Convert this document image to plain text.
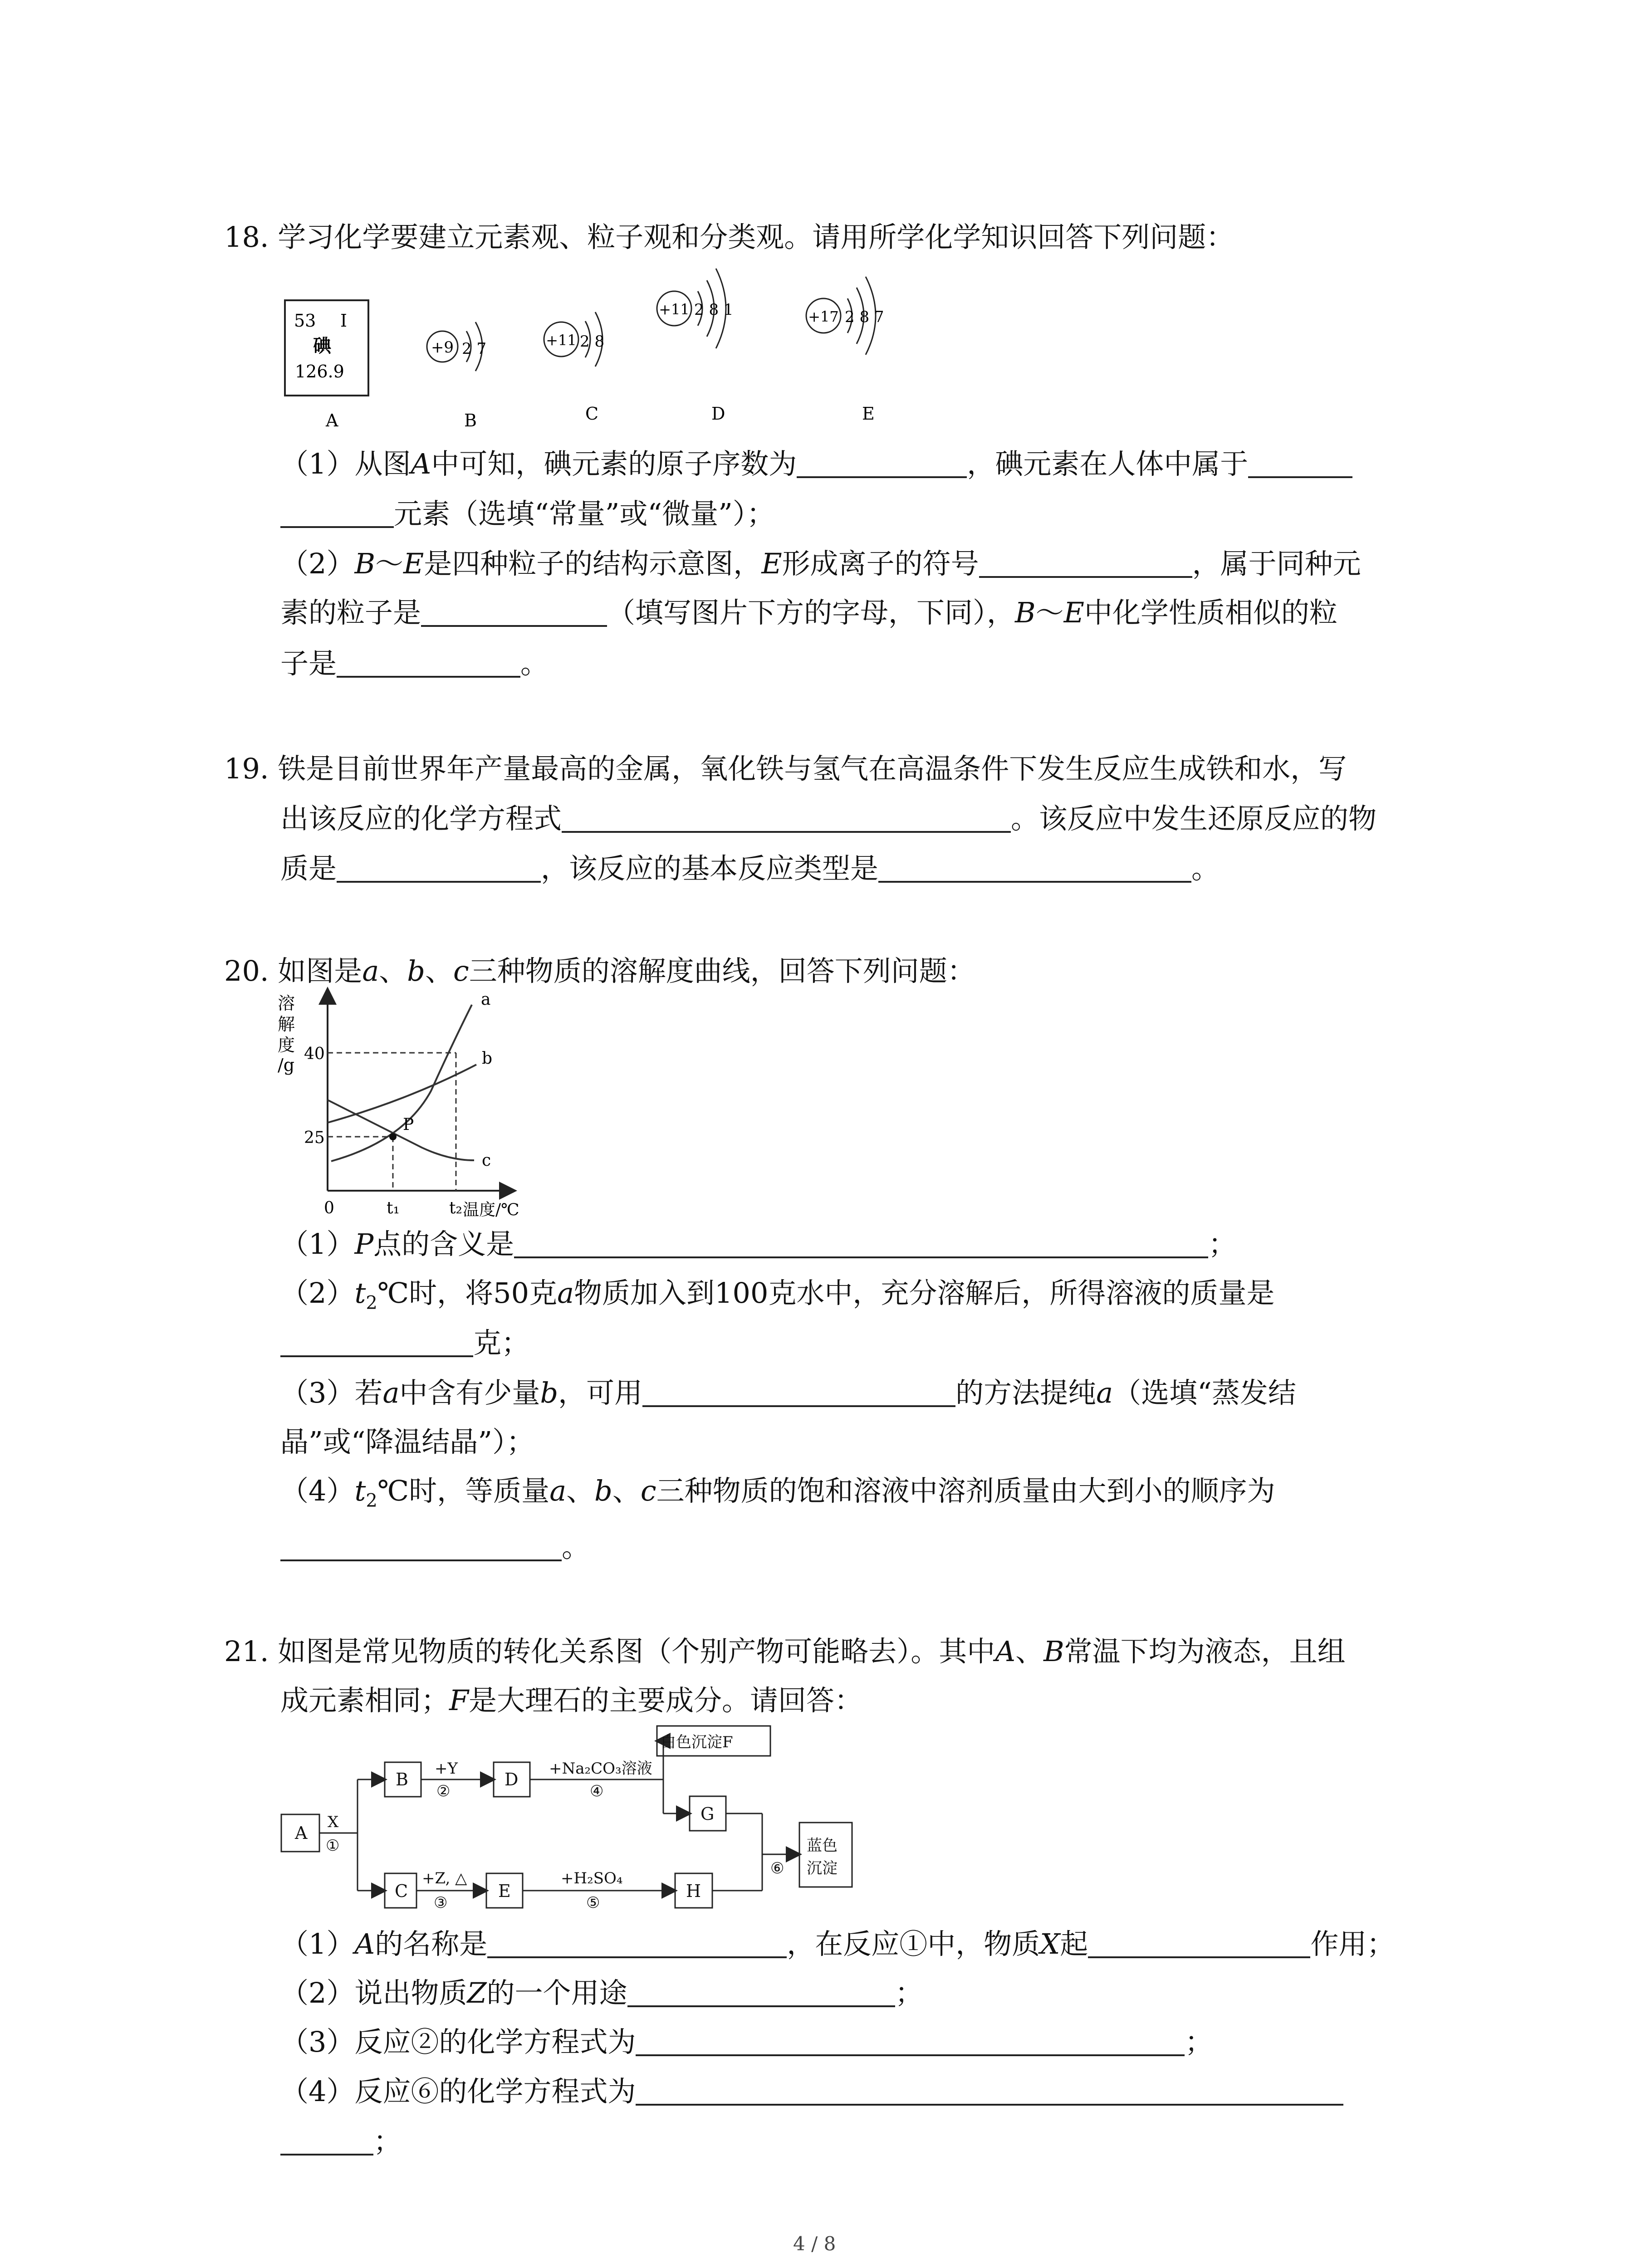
18. 学习化学要建立元素观、粒子观和分类观。请用所学化学知识回答下列问题：
53 I
碘
126.9
A
+9 2 7
B
+11 2 8
C
+11 2 8 1
D
+17 2 8 7
E
（1）从图A中可知，碘元素的原子序数为	，碘元素在人体中属于
元素（选填“常量”或“微量”）；
（2）B～E是四种粒子的结构示意图，E形成离子的符号	，属于同种元
素的粒子是	（填写图片下方的字母，下同），B～E中化学性质相似的粒
子是	。
19. 铁是目前世界年产量最高的金属，氧化铁与氢气在高温条件下发生反应生成铁和水，写
出该反应的化学方程式	。该反应中发生还原反应的物
质是	，该反应的基本反应类型是	。
20. 如图是a、b、c三种物质的溶解度曲线，回答下列问题：
溶
解
度
/g
a
b
c
P
40
25
0	t₁	t₂ 温度/℃
（1）P点的含义是	；
$(2)t_2℃$时，将50克a物质加入到100克水中，充分溶解后，所得溶液的质量是
克；
（3）若a中含有少量b，可用	的方法提纯a（选填“蒸发结
晶”或“降温结晶”）；
$(4)t_2℃$时，等质量a、b、c三种物质的饱和溶液中溶剂质量由大到小的顺序为
。
21. 如图是常见物质的转化关系图（个别产物可能略去）。其中A、B常温下均为液态，且组
成元素相同；F是大理石的主要成分。请回答：
A
B	D
G
C	E	H
白色沉淀F
蓝色
沉淀
X
①
+Y
②
+Na₂CO₃溶液
④
+Z, △
③
+H₂SO₄
⑤
⑥
（1）A的名称是	，在反应①中，物质X起	作用；
（2）说出物质Z的一个用途	；
（3）反应②的化学方程式为	；
（4）反应⑥的化学方程式为
；
4 / 8
